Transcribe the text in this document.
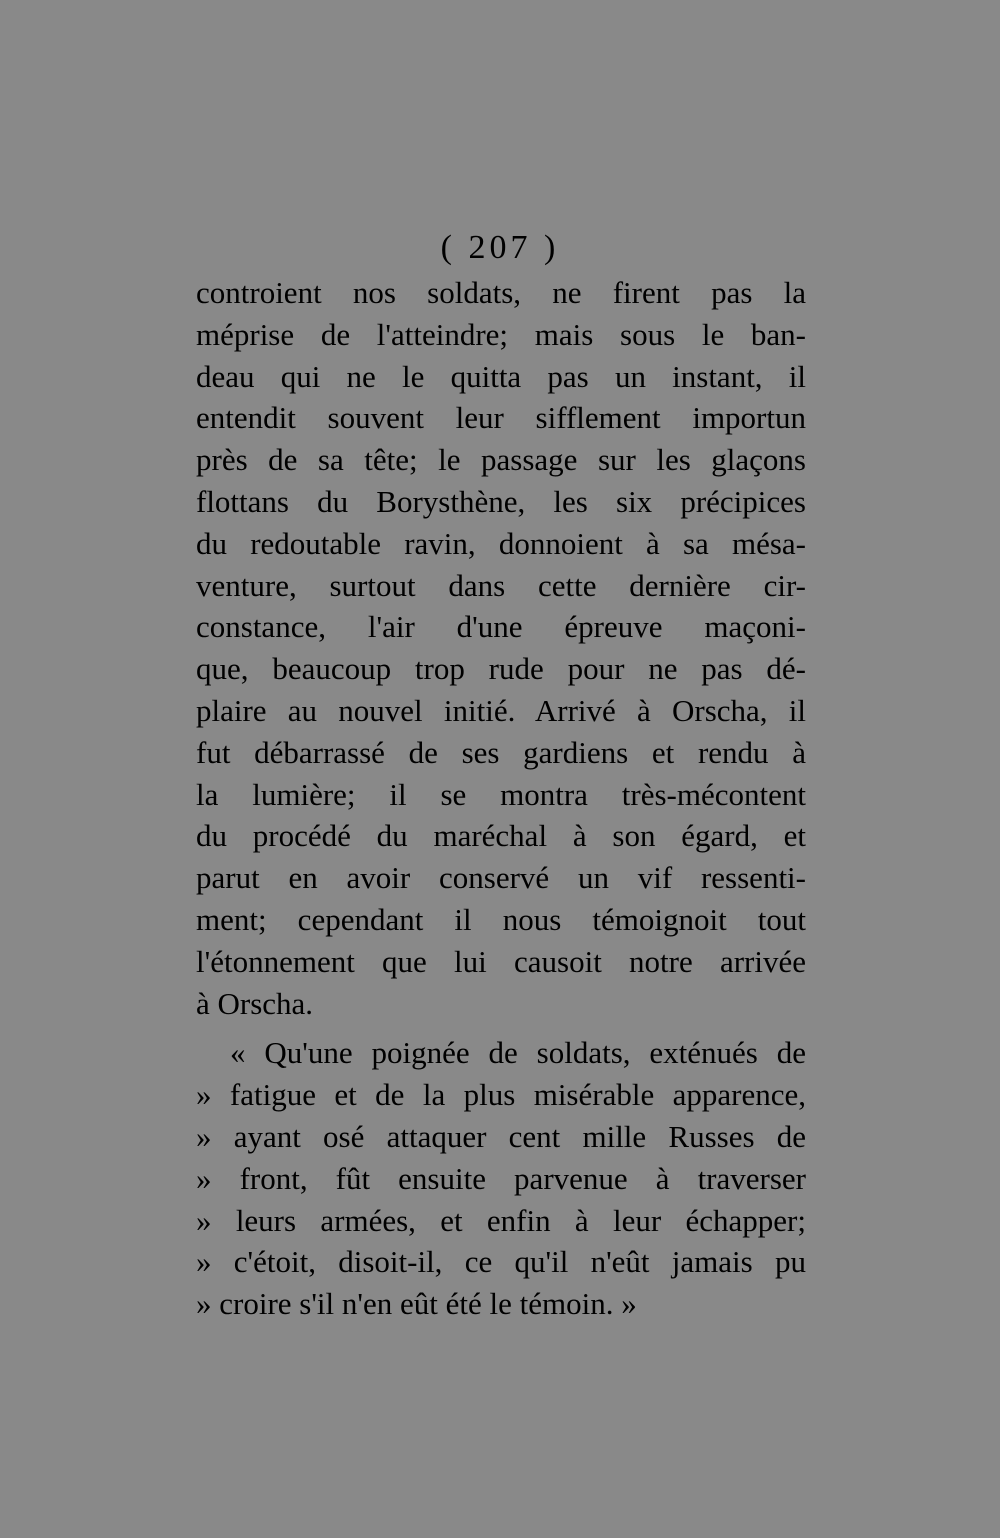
( 207 )
controient nos soldats, ne firent pas la
méprise de l'atteindre; mais sous le ban-
deau qui ne le quitta pas un instant, il
entendit souvent leur sifflement importun
près de sa tête; le passage sur les glaçons
flottans du Borysthène, les six précipices
du redoutable ravin, donnoient à sa mésa-
venture, surtout dans cette dernière cir-
constance, l'air d'une épreuve maçoni-
que, beaucoup trop rude pour ne pas dé-
plaire au nouvel initié. Arrivé à Orscha, il
fut débarrassé de ses gardiens et rendu à
la lumière; il se montra très-mécontent
du procédé du maréchal à son égard, et
parut en avoir conservé un vif ressenti-
ment; cependant il nous témoignoit tout
l'étonnement que lui causoit notre arrivée
à Orscha.
« Qu'une poignée de soldats, exténués de
» fatigue et de la plus misérable apparence,
» ayant osé attaquer cent mille Russes de
» front, fût ensuite parvenue à traverser
» leurs armées, et enfin à leur échapper;
» c'étoit, disoit-il, ce qu'il n'eût jamais pu
» croire s'il n'en eût été le témoin. »
